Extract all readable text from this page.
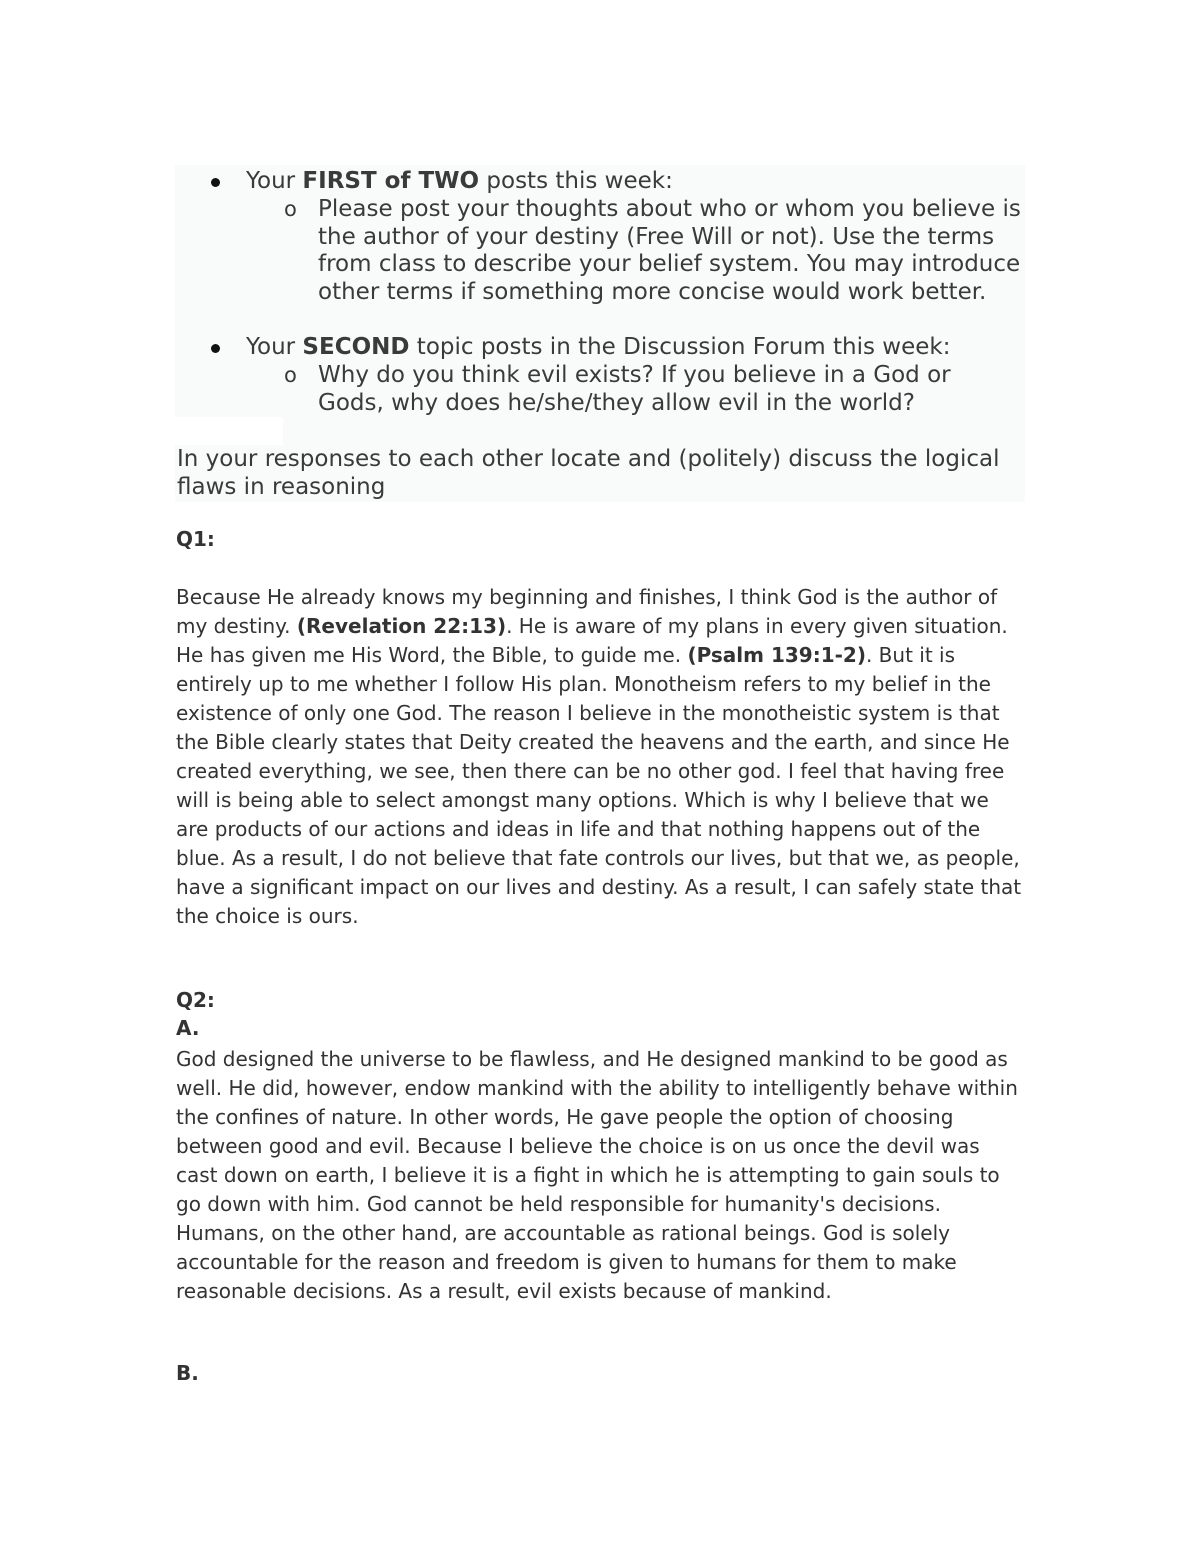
Your FIRST of TWO posts this week:
o Please post your thoughts about who or whom you believe is the author of your destiny (Free Will or not). Use the terms from class to describe your belief system. You may introduce other terms if something more concise would work better.
Your SECOND topic posts in the Discussion Forum this week:
o Why do you think evil exists? If you believe in a God or Gods, why does he/she/they allow evil in the world?
In your responses to each other locate and (politely) discuss the logical flaws in reasoning
Q1:
Because He already knows my beginning and finishes, I think God is the author of my destiny. (Revelation 22:13). He is aware of my plans in every given situation. He has given me His Word, the Bible, to guide me. (Psalm 139:1-2). But it is entirely up to me whether I follow His plan. Monotheism refers to my belief in the existence of only one God. The reason I believe in the monotheistic system is that the Bible clearly states that Deity created the heavens and the earth, and since He created everything, we see, then there can be no other god. I feel that having free will is being able to select amongst many options. Which is why I believe that we are products of our actions and ideas in life and that nothing happens out of the blue. As a result, I do not believe that fate controls our lives, but that we, as people, have a significant impact on our lives and destiny. As a result, I can safely state that the choice is ours.
Q2:
A.
God designed the universe to be flawless, and He designed mankind to be good as well. He did, however, endow mankind with the ability to intelligently behave within the confines of nature. In other words, He gave people the option of choosing between good and evil. Because I believe the choice is on us once the devil was cast down on earth, I believe it is a fight in which he is attempting to gain souls to go down with him. God cannot be held responsible for humanity's decisions. Humans, on the other hand, are accountable as rational beings. God is solely accountable for the reason and freedom is given to humans for them to make reasonable decisions. As a result, evil exists because of mankind.
B.
